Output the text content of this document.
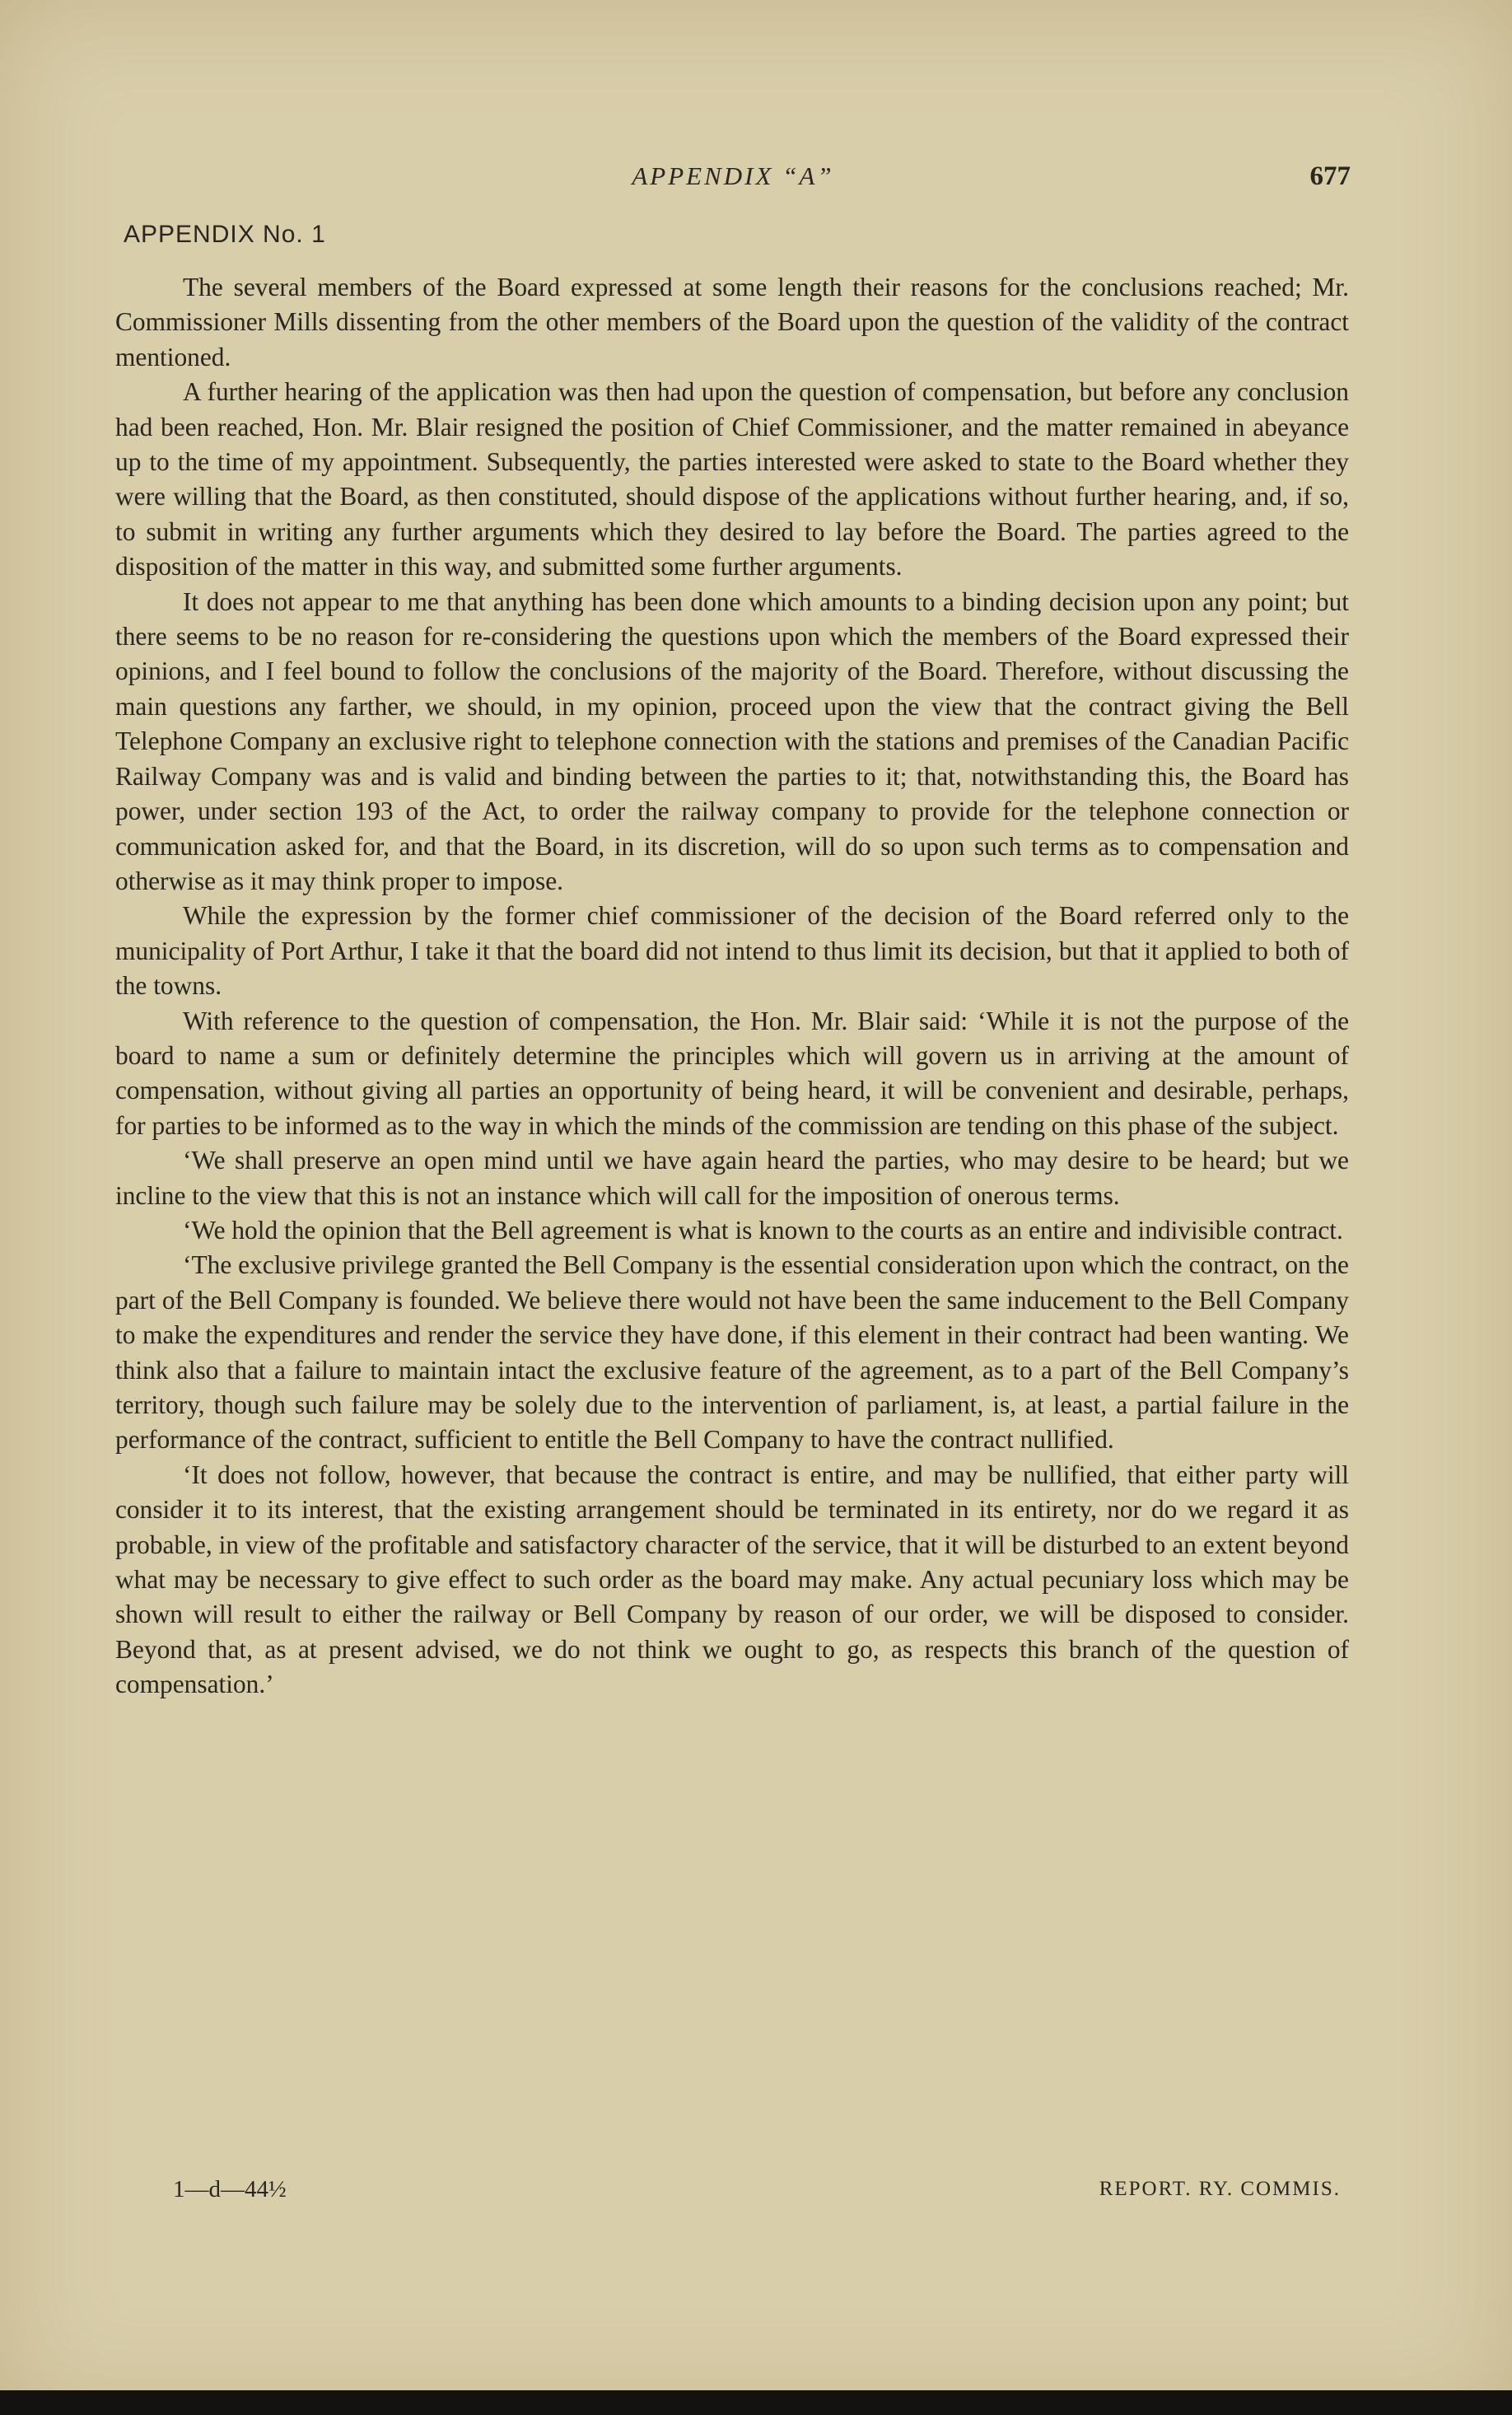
APPENDIX “A”	677
APPENDIX No. 1

The several members of the Board expressed at some length their reasons for the conclusions reached; Mr. Commissioner Mills dissenting from the other members of the Board upon the question of the validity of the contract mentioned.

A further hearing of the application was then had upon the question of compensation, but before any conclusion had been reached, Hon. Mr. Blair resigned the position of Chief Commissioner, and the matter remained in abeyance up to the time of my appointment. Subsequently, the parties interested were asked to state to the Board whether they were willing that the Board, as then constituted, should dispose of the applications without further hearing, and, if so, to submit in writing any further arguments which they desired to lay before the Board. The parties agreed to the disposition of the matter in this way, and submitted some further arguments.

It does not appear to me that anything has been done which amounts to a binding decision upon any point; but there seems to be no reason for re-considering the questions upon which the members of the Board expressed their opinions, and I feel bound to follow the conclusions of the majority of the Board. Therefore, without discussing the main questions any farther, we should, in my opinion, proceed upon the view that the contract giving the Bell Telephone Company an exclusive right to telephone connection with the stations and premises of the Canadian Pacific Railway Company was and is valid and binding between the parties to it; that, notwithstanding this, the Board has power, under section 193 of the Act, to order the railway company to provide for the telephone connection or communication asked for, and that the Board, in its discretion, will do so upon such terms as to compensation and otherwise as it may think proper to impose.

While the expression by the former chief commissioner of the decision of the Board referred only to the municipality of Port Arthur, I take it that the board did not intend to thus limit its decision, but that it applied to both of the towns.

With reference to the question of compensation, the Hon. Mr. Blair said: ‘While it is not the purpose of the board to name a sum or definitely determine the principles which will govern us in arriving at the amount of compensation, without giving all parties an opportunity of being heard, it will be convenient and desirable, perhaps, for parties to be informed as to the way in which the minds of the commission are tending on this phase of the subject.

‘We shall preserve an open mind until we have again heard the parties, who may desire to be heard; but we incline to the view that this is not an instance which will call for the imposition of onerous terms.

‘We hold the opinion that the Bell agreement is what is known to the courts as an entire and indivisible contract.

‘The exclusive privilege granted the Bell Company is the essential consideration upon which the contract, on the part of the Bell Company is founded. We believe there would not have been the same inducement to the Bell Company to make the expenditures and render the service they have done, if this element in their contract had been wanting. We think also that a failure to maintain intact the exclusive feature of the agreement, as to a part of the Bell Company’s territory, though such failure may be solely due to the intervention of parliament, is, at least, a partial failure in the performance of the contract, sufficient to entitle the Bell Company to have the contract nullified.

‘It does not follow, however, that because the contract is entire, and may be nullified, that either party will consider it to its interest, that the existing arrangement should be terminated in its entirety, nor do we regard it as probable, in view of the profitable and satisfactory character of the service, that it will be disturbed to an extent beyond what may be necessary to give effect to such order as the board may make. Any actual pecuniary loss which may be shown will result to either the railway or Bell Company by reason of our order, we will be disposed to consider. Beyond that, as at present advised, we do not think we ought to go, as respects this branch of the question of compensation.’

1—d—44½	REPORT. RY. COMMIS.
